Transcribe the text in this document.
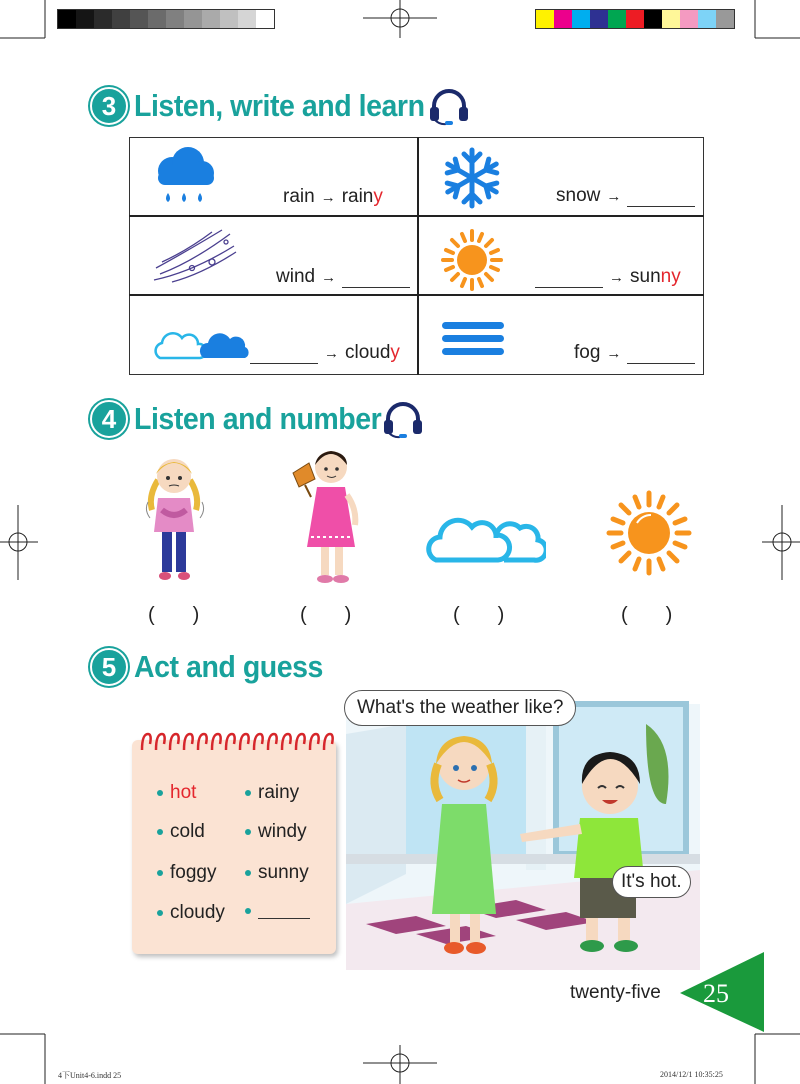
3 Listen, write and learn
rain → rainy	snow →
wind →	→ sunny
→ cloudy	fog →
4 Listen and number
( )	( )	( )	( )
5 Act and guess
hot	rainy
cold	windy
foggy sunny
cloudy
What's the weather like?
It's hot.
twenty-five 25
4下Unit4-6.indd 25	2014/12/1 10:35:25
